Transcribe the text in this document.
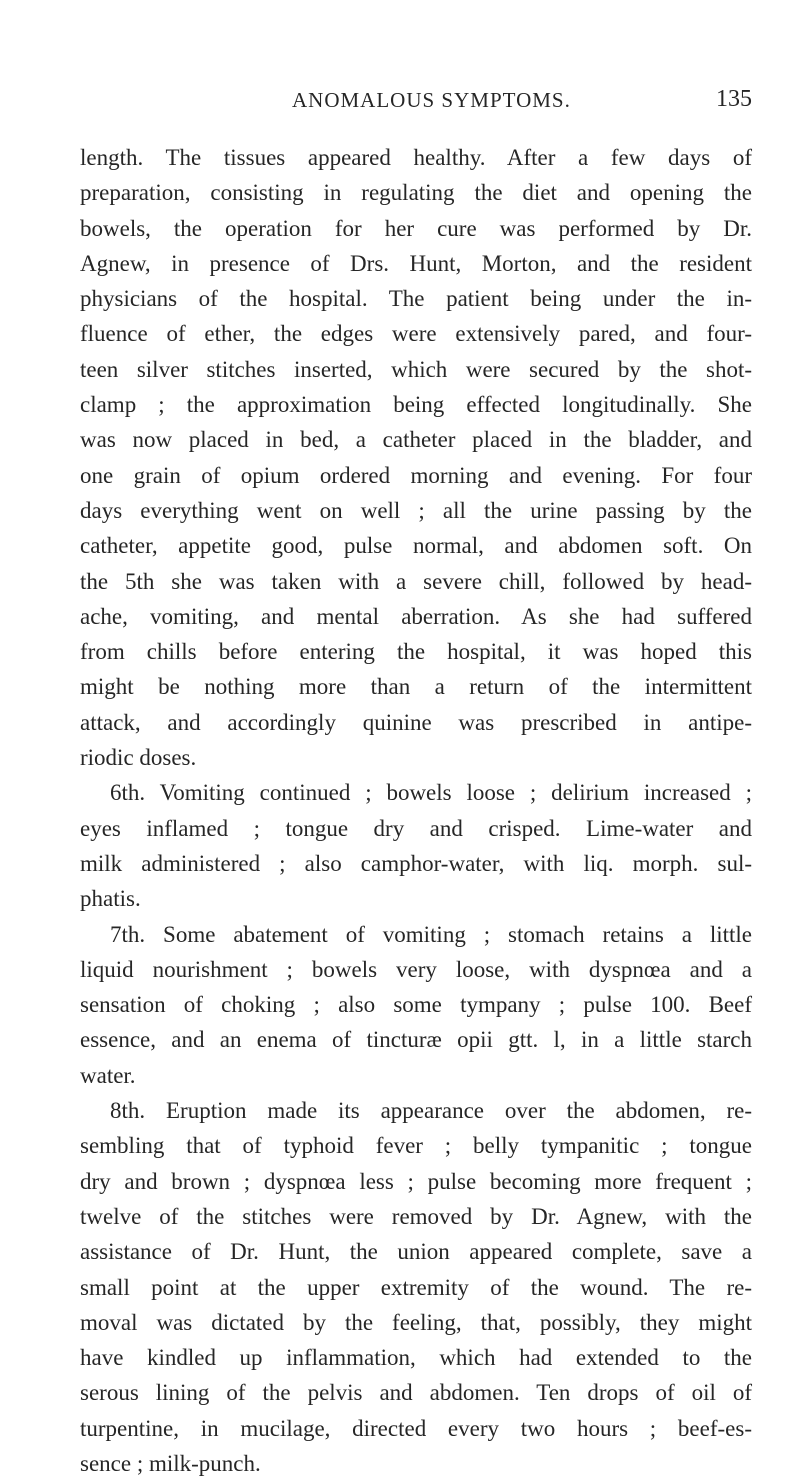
ANOMALOUS SYMPTOMS.	135
length. The tissues appeared healthy. After a few days of
preparation, consisting in regulating the diet and opening the
bowels, the operation for her cure was performed by Dr.
Agnew, in presence of Drs. Hunt, Morton, and the resident
physicians of the hospital. The patient being under the in-
fluence of ether, the edges were extensively pared, and four-
teen silver stitches inserted, which were secured by the shot-
clamp ; the approximation being effected longitudinally. She
was now placed in bed, a catheter placed in the bladder, and
one grain of opium ordered morning and evening. For four
days everything went on well ; all the urine passing by the
catheter, appetite good, pulse normal, and abdomen soft. On
the 5th she was taken with a severe chill, followed by head-
ache, vomiting, and mental aberration. As she had suffered
from chills before entering the hospital, it was hoped this
might be nothing more than a return of the intermittent
attack, and accordingly quinine was prescribed in antipe-
riodic doses.
6th. Vomiting continued ; bowels loose ; delirium increased ;
eyes inflamed ; tongue dry and crisped. Lime-water and
milk administered ; also camphor-water, with liq. morph. sul-
phatis.
7th. Some abatement of vomiting ; stomach retains a little
liquid nourishment ; bowels very loose, with dyspnœa and a
sensation of choking ; also some tympany ; pulse 100. Beef
essence, and an enema of tincturæ opii gtt. l, in a little starch
water.
8th. Eruption made its appearance over the abdomen, re-
sembling that of typhoid fever ; belly tympanitic ; tongue
dry and brown ; dyspnœa less ; pulse becoming more frequent ;
twelve of the stitches were removed by Dr. Agnew, with the
assistance of Dr. Hunt, the union appeared complete, save a
small point at the upper extremity of the wound. The re-
moval was dictated by the feeling, that, possibly, they might
have kindled up inflammation, which had extended to the
serous lining of the pelvis and abdomen. Ten drops of oil of
turpentine, in mucilage, directed every two hours ; beef-es-
sence ; milk-punch.
